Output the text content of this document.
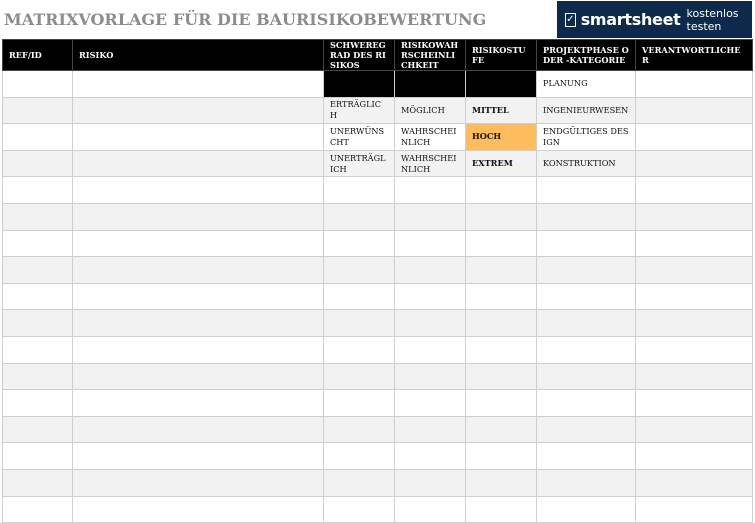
MATRIXVORLAGE FÜR DIE BAURISIKOBEWERTUNG	✓ smartsheet kostenlos testen
REF/ID	RISIKO	SCHWEREGRAD DES RISIKOS	RISIKOWAHRSCHEINLICHKEIT	RISIKOSTUFE	PROJEKTPHASE ODER -KATEGORIE	VERANTWORTLICHER
					PLANUNG	
		ERTRÄGLICH	MÖGLICH	MITTEL	INGENIEURWESEN	
		UNERWÜNSCHT	WAHRSCHEINLICH	HOCH	ENDGÜLTIGES DESIGN	
		UNERTRÄGLICH	WAHRSCHEINLICH	EXTREM	KONSTRUKTION	
